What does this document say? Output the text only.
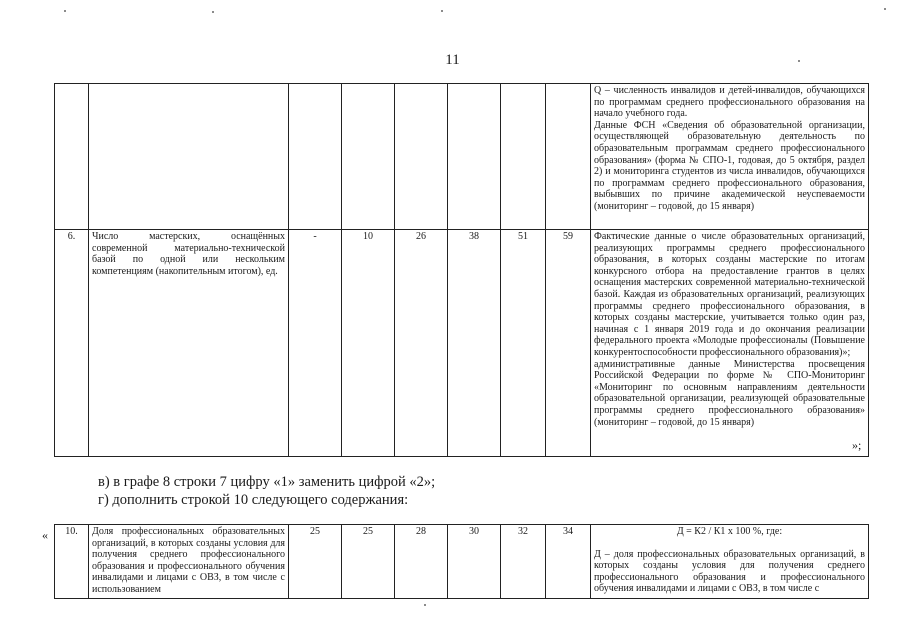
11

								Q – численность инвалидов и детей-инвалидов, обучающихся по программам среднего профессионального образования на начало учебного года.
Данные ФСН «Сведения об образовательной организации, осуществляющей образовательную деятельность по образовательным программам среднего профессионального образования» (форма № СПО-1, годовая, до 5 октября, раздел 2) и мониторинга студентов из числа инвалидов, обучающихся по программам среднего профессионального образования, выбывших по причине академической неуспеваемости (мониторинг – годовой, до 15 января)

6.	Число мастерских, оснащённых современной материально-технической базой по одной или нескольким компетенциям (накопительным итогом), ед.	-	10	26	38	51	59	Фактические данные о числе образовательных организаций, реализующих программы среднего профессионального образования, в которых созданы мастерские по итогам конкурсного отбора на предоставление грантов в целях оснащения мастерских современной материально-технической базой. Каждая из образовательных организаций, реализующих программы среднего профессионального образования, в которых созданы мастерские, учитывается только один раз, начиная с 1 января 2019 года и до окончания реализации федерального проекта «Молодые профессионалы (Повышение конкурентоспособности профессионального образования)»;
административные данные Министерства просвещения Российской Федерации по форме № СПО-Мониторинг «Мониторинг по основным направлениям деятельности образовательной организации, реализующей образовательные программы среднего профессионального образования» (мониторинг – годовой, до 15 января)
»;
в) в графе 8 строки 7 цифру «1» заменить цифрой «2»;
г) дополнить строкой 10 следующего содержания:
« 10.	Доля профессиональных образовательных организаций, в которых созданы условия для получения среднего профессионального образования и профессионального обучения инвалидами и лицами с ОВЗ, в том числе с использованием	25	25	28	30	32	34	Д = К2 / К1 х 100 %, где:
Д – доля профессиональных образовательных организаций, в которых созданы условия для получения среднего профессионального образования и профессионального обучения инвалидами и лицами с ОВЗ, в том числе с
